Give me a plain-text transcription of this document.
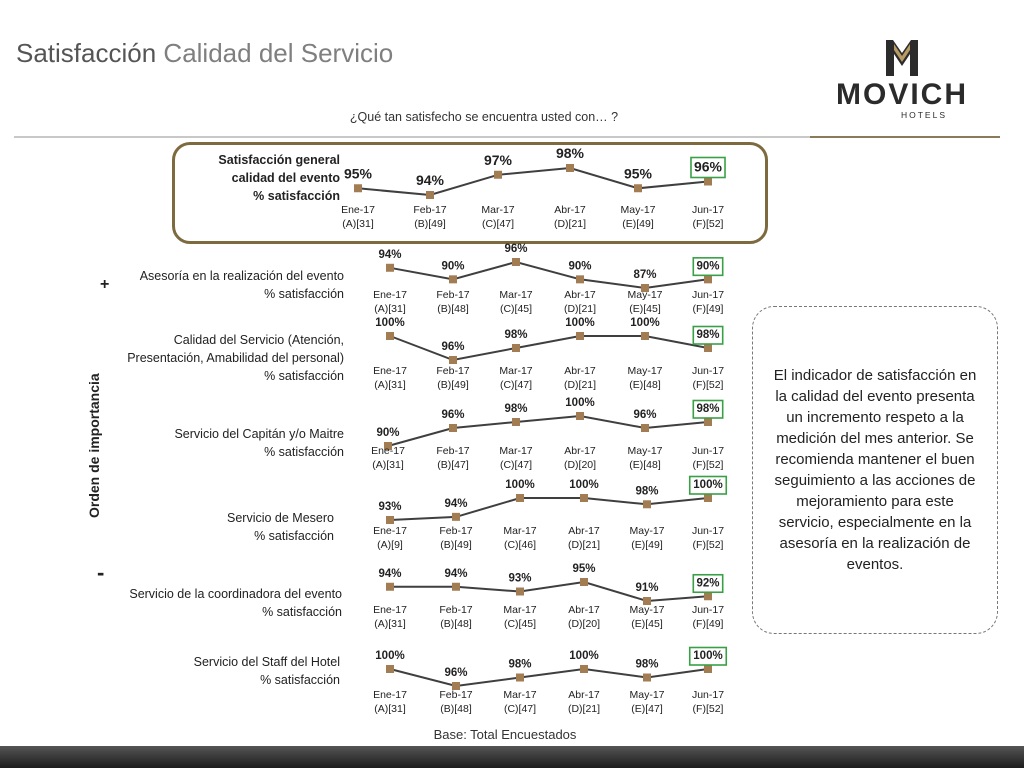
Satisfacción Calidad del Servicio
MOVICH
HOTELS
¿Qué tan satisfecho se encuentra usted con… ?
95%
Ene-17
(A)[31]
94%
Feb-17
(B)[49]
97%
Mar-17
(C)[47]
98%
Abr-17
(D)[21]
95%
May-17
(E)[49]
96%
Jun-17
(F)[52]
Satisfacción general
calidad del evento
% satisfacción
94%
Ene-17
(A)[31]
90%
Feb-17
(B)[48]
96%
Mar-17
(C)[45]
90%
Abr-17
(D)[21]
87%
May-17
(E)[45]
90%
Jun-17
(F)[49]
Asesoría en la realización del evento
% satisfacción
100%
Ene-17
(A)[31]
96%
Feb-17
(B)[49]
98%
Mar-17
(C)[47]
100%
Abr-17
(D)[21]
100%
May-17
(E)[48]
98%
Jun-17
(F)[52]
Calidad del Servicio (Atención,
Presentación, Amabilidad del personal)
% satisfacción
90%
Ene-17
(A)[31]
96%
Feb-17
(B)[47]
98%
Mar-17
(C)[47]
100%
Abr-17
(D)[20]
96%
May-17
(E)[48]
98%
Jun-17
(F)[52]
Servicio del Capitán y/o Maitre
% satisfacción
93%
Ene-17
(A)[9]
94%
Feb-17
(B)[49]
100%
Mar-17
(C)[46]
100%
Abr-17
(D)[21]
98%
May-17
(E)[49]
100%
Jun-17
(F)[52]
Servicio de Mesero
% satisfacción
94%
Ene-17
(A)[31]
94%
Feb-17
(B)[48]
93%
Mar-17
(C)[45]
95%
Abr-17
(D)[20]
91%
May-17
(E)[45]
92%
Jun-17
(F)[49]
Servicio de la coordinadora del evento
% satisfacción
100%
Ene-17
(A)[31]
96%
Feb-17
(B)[48]
98%
Mar-17
(C)[47]
100%
Abr-17
(D)[21]
98%
May-17
(E)[47]
100%
Jun-17
(F)[52]
Servicio del Staff del Hotel
% satisfacción
Orden de importancia
+
-
El indicador de satisfacción en la calidad del evento presenta un incremento respeto a la medición del mes anterior. Se recomienda mantener el buen seguimiento a las acciones de mejoramiento para este servicio, especialmente en la asesoría en la realización de eventos.
Base: Total Encuestados
